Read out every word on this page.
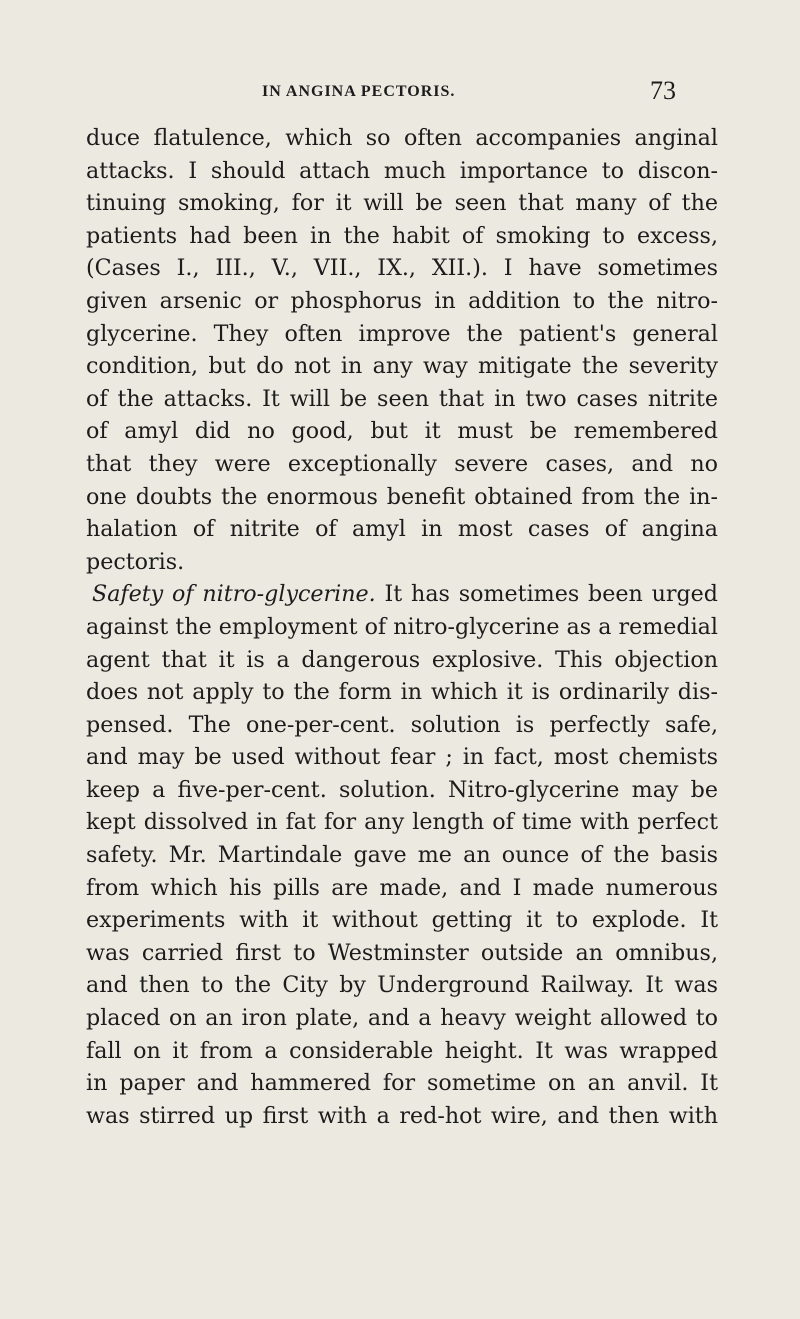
IN ANGINA PECTORIS.	73
duce flatulence, which so often accompanies anginal
attacks. I should attach much importance to discon-
tinuing smoking, for it will be seen that many of the
patients had been in the habit of smoking to excess,
(Cases I., III., V., VII., IX., XII.). I have sometimes
given arsenic or phosphorus in addition to the nitro-
glycerine. They often improve the patient's general
condition, but do not in any way mitigate the severity
of the attacks. It will be seen that in two cases nitrite
of amyl did no good, but it must be remembered
that they were exceptionally severe cases, and no
one doubts the enormous benefit obtained from the in-
halation of nitrite of amyl in most cases of angina
pectoris.
Safety of nitro-glycerine. It has sometimes been urged
against the employment of nitro-glycerine as a remedial
agent that it is a dangerous explosive. This objection
does not apply to the form in which it is ordinarily dis-
pensed. The one-per-cent. solution is perfectly safe,
and may be used without fear ; in fact, most chemists
keep a five-per-cent. solution. Nitro-glycerine may be
kept dissolved in fat for any length of time with perfect
safety. Mr. Martindale gave me an ounce of the basis
from which his pills are made, and I made numerous
experiments with it without getting it to explode. It
was carried first to Westminster outside an omnibus,
and then to the City by Underground Railway. It was
placed on an iron plate, and a heavy weight allowed to
fall on it from a considerable height. It was wrapped
in paper and hammered for sometime on an anvil. It
was stirred up first with a red-hot wire, and then with
